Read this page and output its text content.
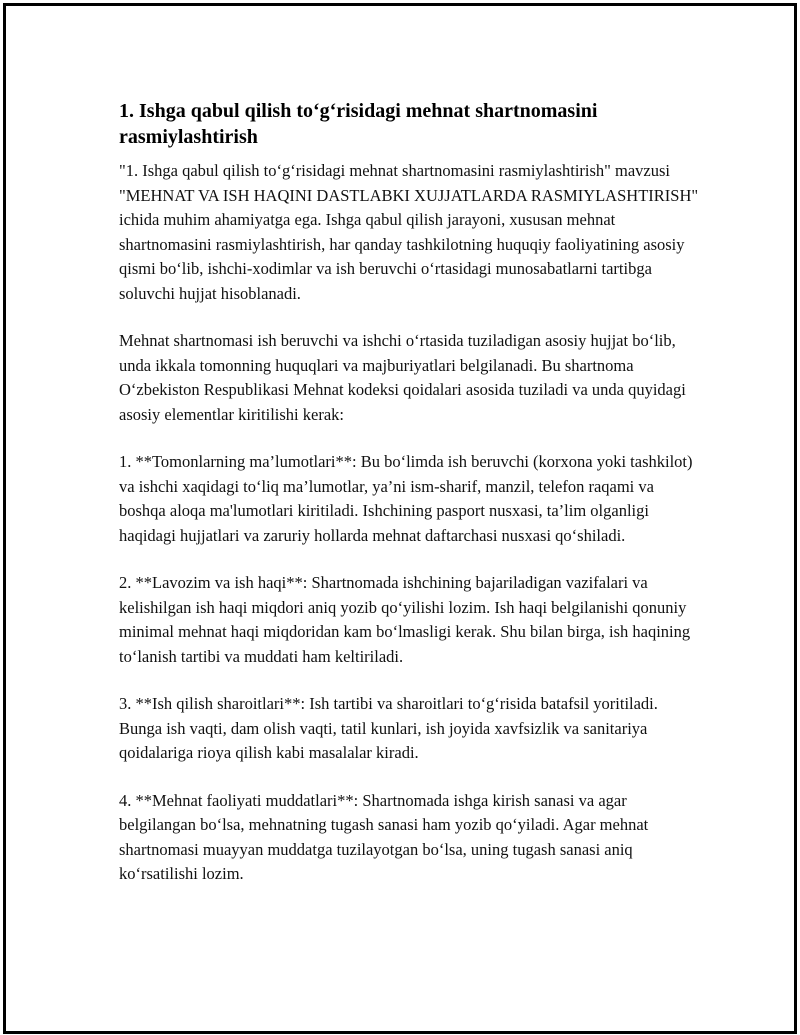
1. Ishga qabul qilish to‘g‘risidagi mehnat shartnomasini rasmiylashtirish

"1. Ishga qabul qilish to‘g‘risidagi mehnat shartnomasini rasmiylashtirish" mavzusi "MEHNAT VA ISH HAQINI DASTLABKI XUJJATLARDA RASMIYLASHTIRISH" ichida muhim ahamiyatga ega. Ishga qabul qilish jarayoni, xususan mehnat shartnomasini rasmiylashtirish, har qanday tashkilotning huquqiy faoliyatining asosiy qismi bo‘lib, ishchi-xodimlar va ish beruvchi o‘rtasidagi munosabatlarni tartibga soluvchi hujjat hisoblanadi.

Mehnat shartnomasi ish beruvchi va ishchi o‘rtasida tuziladigan asosiy hujjat bo‘lib, unda ikkala tomonning huquqlari va majburiyatlari belgilanadi. Bu shartnoma O‘zbekiston Respublikasi Mehnat kodeksi qoidalari asosida tuziladi va unda quyidagi asosiy elementlar kiritilishi kerak:

1. **Tomonlarning ma’lumotlari**: Bu bo‘limda ish beruvchi (korxona yoki tashkilot) va ishchi xaqidagi to‘liq ma’lumotlar, ya’ni ism-sharif, manzil, telefon raqami va boshqa aloqa ma'lumotlari kiritiladi. Ishchining pasport nusxasi, ta’lim olganligi haqidagi hujjatlari va zaruriy hollarda mehnat daftarchasi nusxasi qo‘shiladi.

2. **Lavozim va ish haqi**: Shartnomada ishchining bajariladigan vazifalari va kelishilgan ish haqi miqdori aniq yozib qo‘yilishi lozim. Ish haqi belgilanishi qonuniy minimal mehnat haqi miqdoridan kam bo‘lmasligi kerak. Shu bilan birga, ish haqining to‘lanish tartibi va muddati ham keltiriladi.

3. **Ish qilish sharoitlari**: Ish tartibi va sharoitlari to‘g‘risida batafsil yoritiladi. Bunga ish vaqti, dam olish vaqti, tatil kunlari, ish joyida xavfsizlik va sanitariya qoidalariga rioya qilish kabi masalalar kiradi.

4. **Mehnat faoliyati muddatlari**: Shartnomada ishga kirish sanasi va agar belgilangan bo‘lsa, mehnatning tugash sanasi ham yozib qo‘yiladi. Agar mehnat shartnomasi muayyan muddatga tuzilayotgan bo‘lsa, uning tugash sanasi aniq ko‘rsatilishi lozim.
